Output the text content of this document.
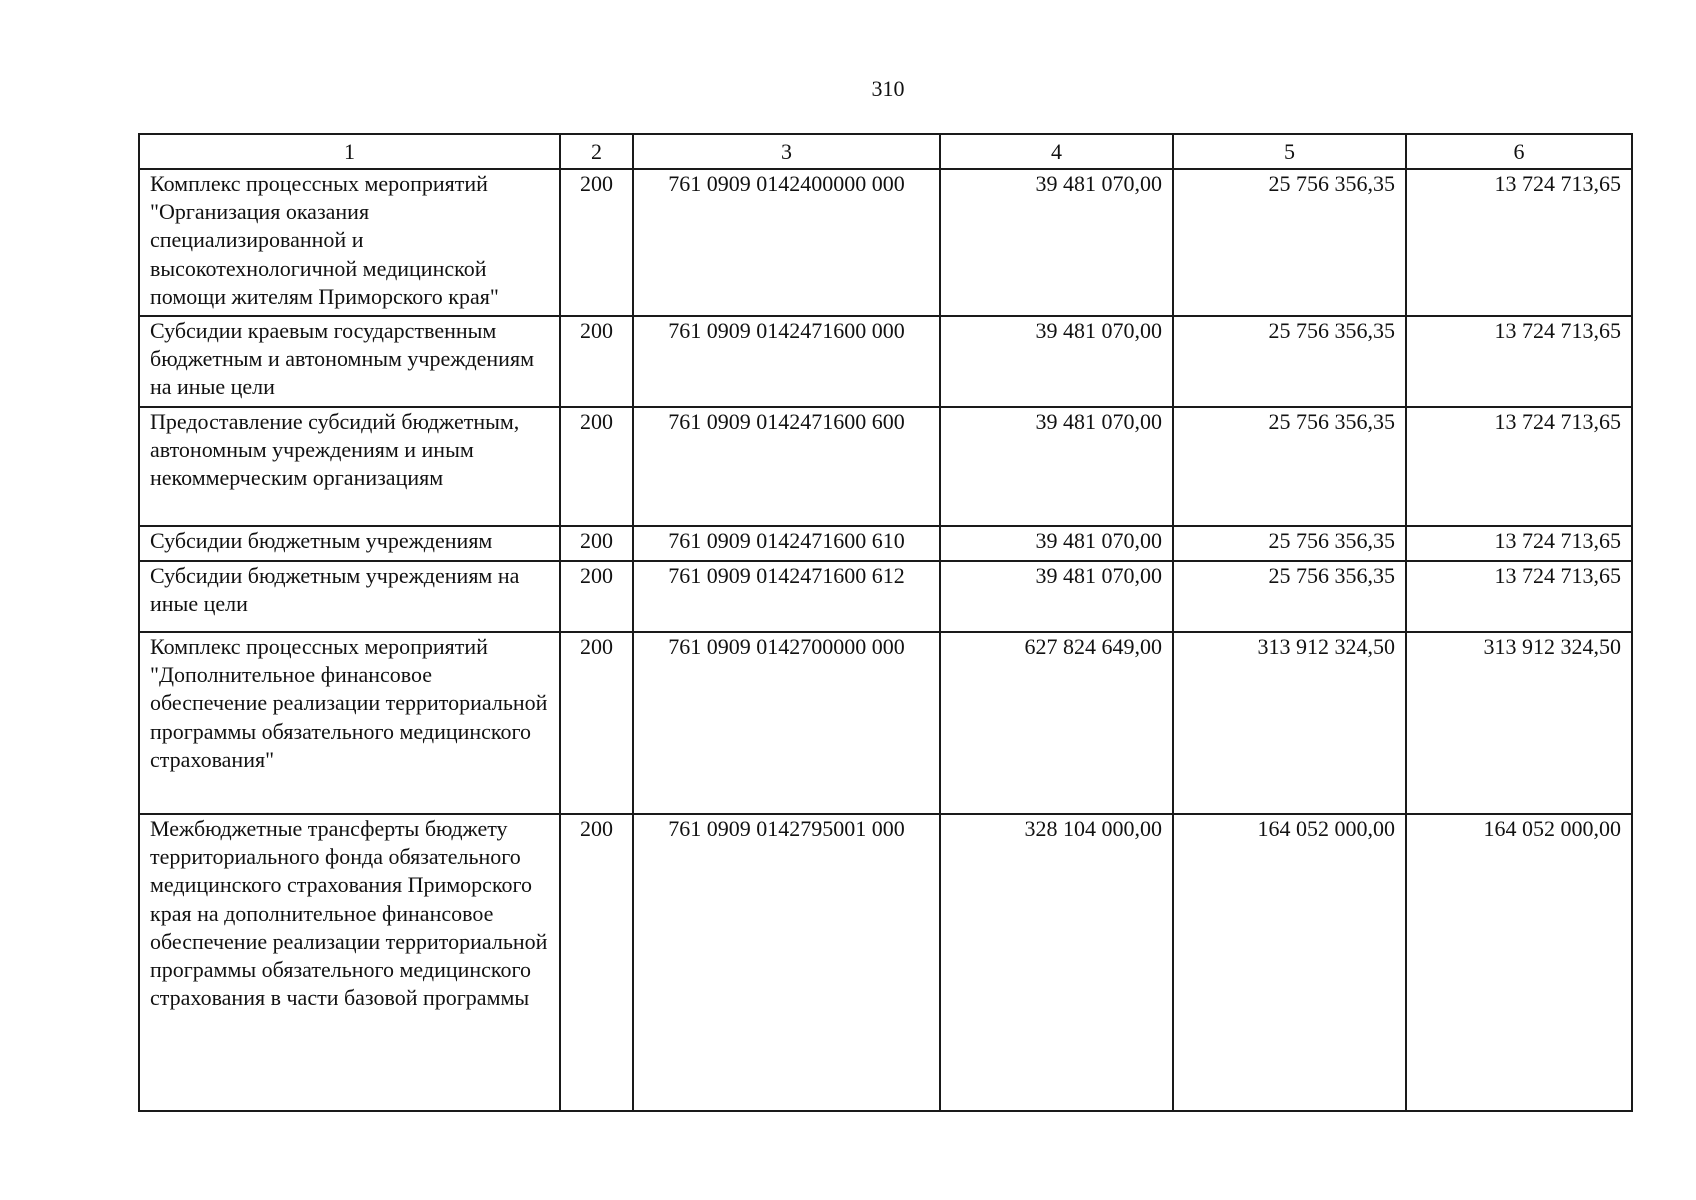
310
1	2	3	4	5	6
Комплекс процессных мероприятий "Организация оказания специализированной и высокотехнологичной медицинской помощи жителям Приморского края"	200	761 0909 0142400000 000	39 481 070,00	25 756 356,35	13 724 713,65
Субсидии краевым государственным бюджетным и автономным учреждениям на иные цели	200	761 0909 0142471600 000	39 481 070,00	25 756 356,35	13 724 713,65
Предоставление субсидий бюджетным, автономным учреждениям и иным некоммерческим организациям	200	761 0909 0142471600 600	39 481 070,00	25 756 356,35	13 724 713,65
Субсидии бюджетным учреждениям	200	761 0909 0142471600 610	39 481 070,00	25 756 356,35	13 724 713,65
Субсидии бюджетным учреждениям на иные цели	200	761 0909 0142471600 612	39 481 070,00	25 756 356,35	13 724 713,65
Комплекс процессных мероприятий "Дополнительное финансовое обеспечение реализации территориальной программы обязательного медицинского страхования"	200	761 0909 0142700000 000	627 824 649,00	313 912 324,50	313 912 324,50
Межбюджетные трансферты бюджету территориального фонда обязательного медицинского страхования Приморского края на дополнительное финансовое обеспечение реализации территориальной программы обязательного медицинского страхования в части базовой программы	200	761 0909 0142795001 000	328 104 000,00	164 052 000,00	164 052 000,00
